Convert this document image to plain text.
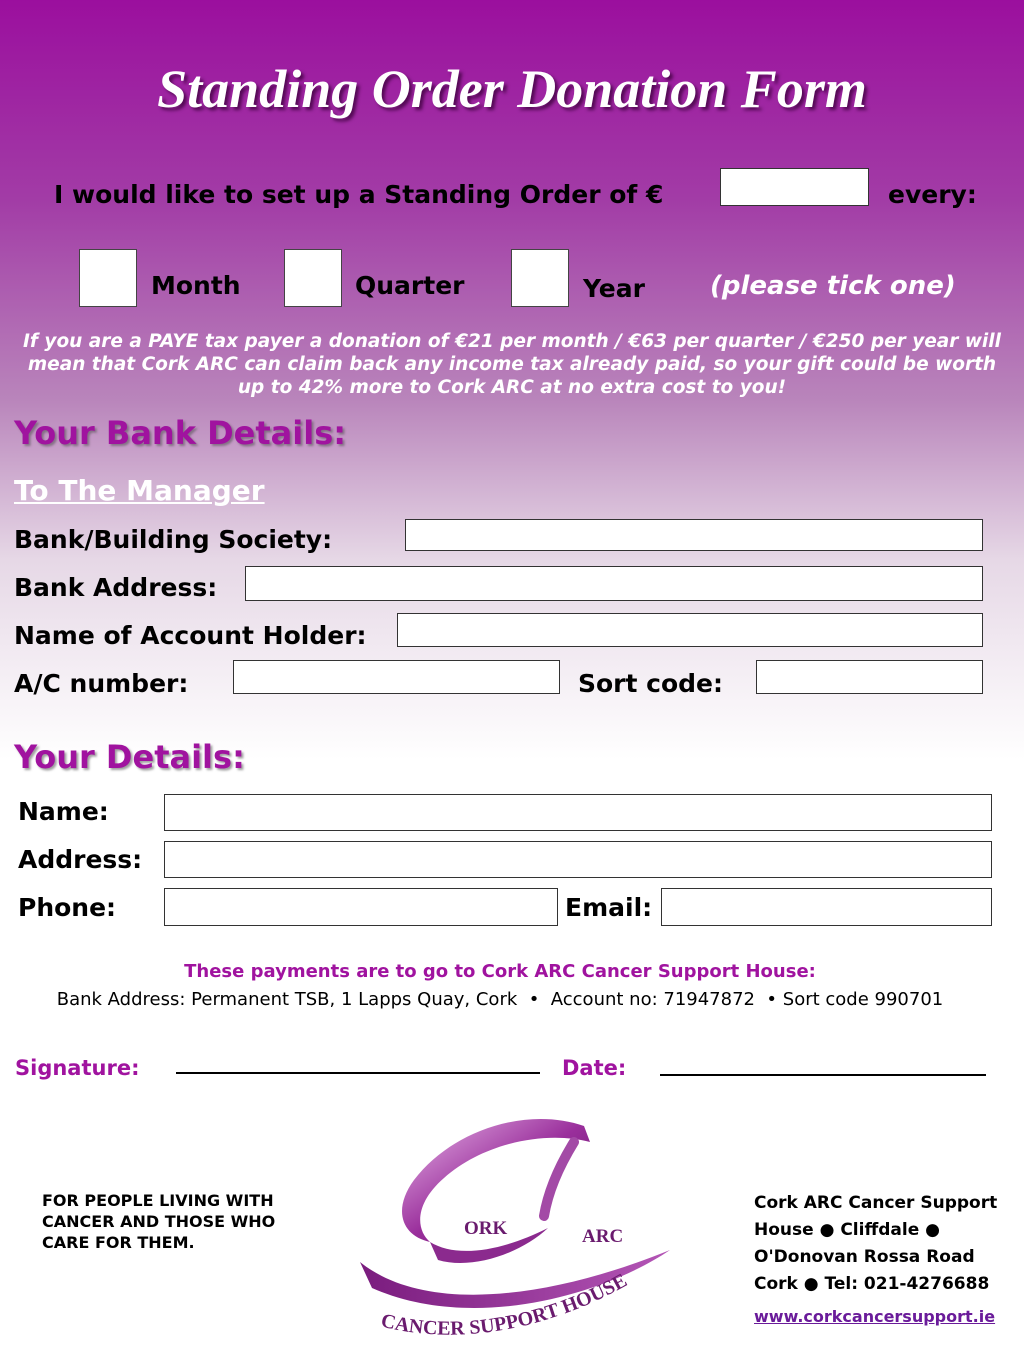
Standing Order Donation Form
I would like to set up a Standing Order of €	every:
Month	Quarter	Year	(please tick one)
If you are a PAYE tax payer a donation of €21 per month / €63 per quarter / €250 per year will mean that Cork ARC can claim back any income tax already paid, so your gift could be worth up to 42% more to Cork ARC at no extra cost to you!
Your Bank Details:
To The Manager
Bank/Building Society:
Bank Address:
Name of Account Holder:
A/C number:	Sort code:
Your Details:
Name:
Address:
Phone:	Email:
These payments are to go to Cork ARC Cancer Support House:
Bank Address: Permanent TSB, 1 Lapps Quay, Cork  •  Account no: 71947872  • Sort code 990701
Signature:	Date:
FOR PEOPLE LIVING WITH
CANCER AND THOSE WHO
CARE FOR THEM.
ORK	ARC
CANCER SUPPORT HOUSE
Cork ARC Cancer Support
House ● Cliffdale ●
O'Donovan Rossa Road
Cork ● Tel: 021-4276688
www.corkcancersupport.ie
